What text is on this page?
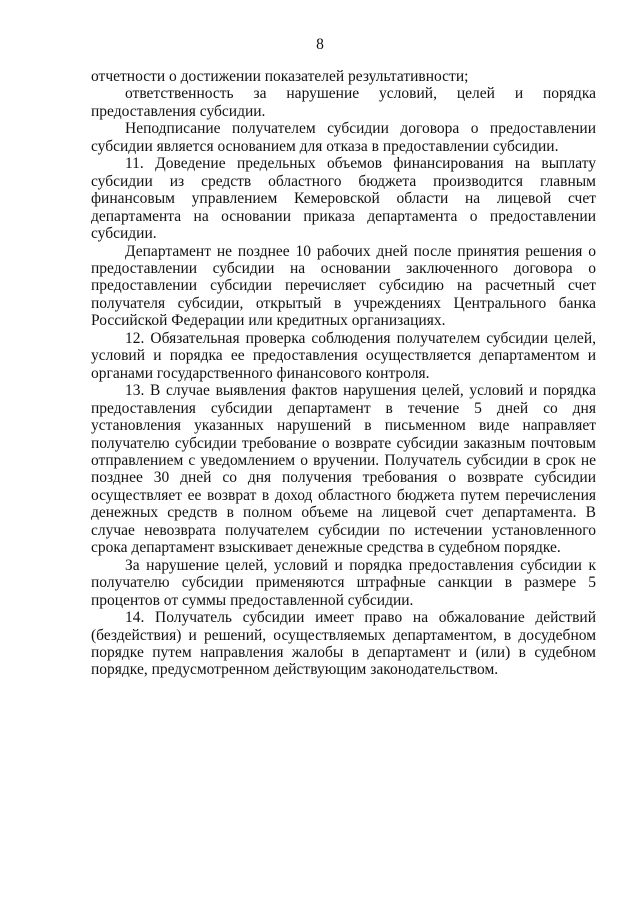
8

отчетности о достижении показателей результативности;

ответственность за нарушение условий, целей и порядка предоставления субсидии.

Неподписание получателем субсидии договора о предоставлении субсидии является основанием для отказа в предоставлении субсидии.

11. Доведение предельных объемов финансирования на выплату субсидии из средств областного бюджета производится главным финансовым управлением Кемеровской области на лицевой счет департамента на основании приказа департамента о предоставлении субсидии.

Департамент не позднее 10 рабочих дней после принятия решения о предоставлении субсидии на основании заключенного договора о предоставлении субсидии перечисляет субсидию на расчетный счет получателя субсидии, открытый в учреждениях Центрального банка Российской Федерации или кредитных организациях.

12. Обязательная проверка соблюдения получателем субсидии целей, условий и порядка ее предоставления осуществляется департаментом и органами государственного финансового контроля.

13. В случае выявления фактов нарушения целей, условий и порядка предоставления субсидии департамент в течение 5 дней со дня установления указанных нарушений в письменном виде направляет получателю субсидии требование о возврате субсидии заказным почтовым отправлением с уведомлением о вручении. Получатель субсидии в срок не позднее 30 дней со дня получения требования о возврате субсидии осуществляет ее возврат в доход областного бюджета путем перечисления денежных средств в полном объеме на лицевой счет департамента. В случае невозврата получателем субсидии по истечении установленного срока департамент взыскивает денежные средства в судебном порядке.

За нарушение целей, условий и порядка предоставления субсидии к получателю субсидии применяются штрафные санкции в размере 5 процентов от суммы предоставленной субсидии.

14. Получатель субсидии имеет право на обжалование действий (бездействия) и решений, осуществляемых департаментом, в досудебном порядке путем направления жалобы в департамент и (или) в судебном порядке, предусмотренном действующим законодательством.
